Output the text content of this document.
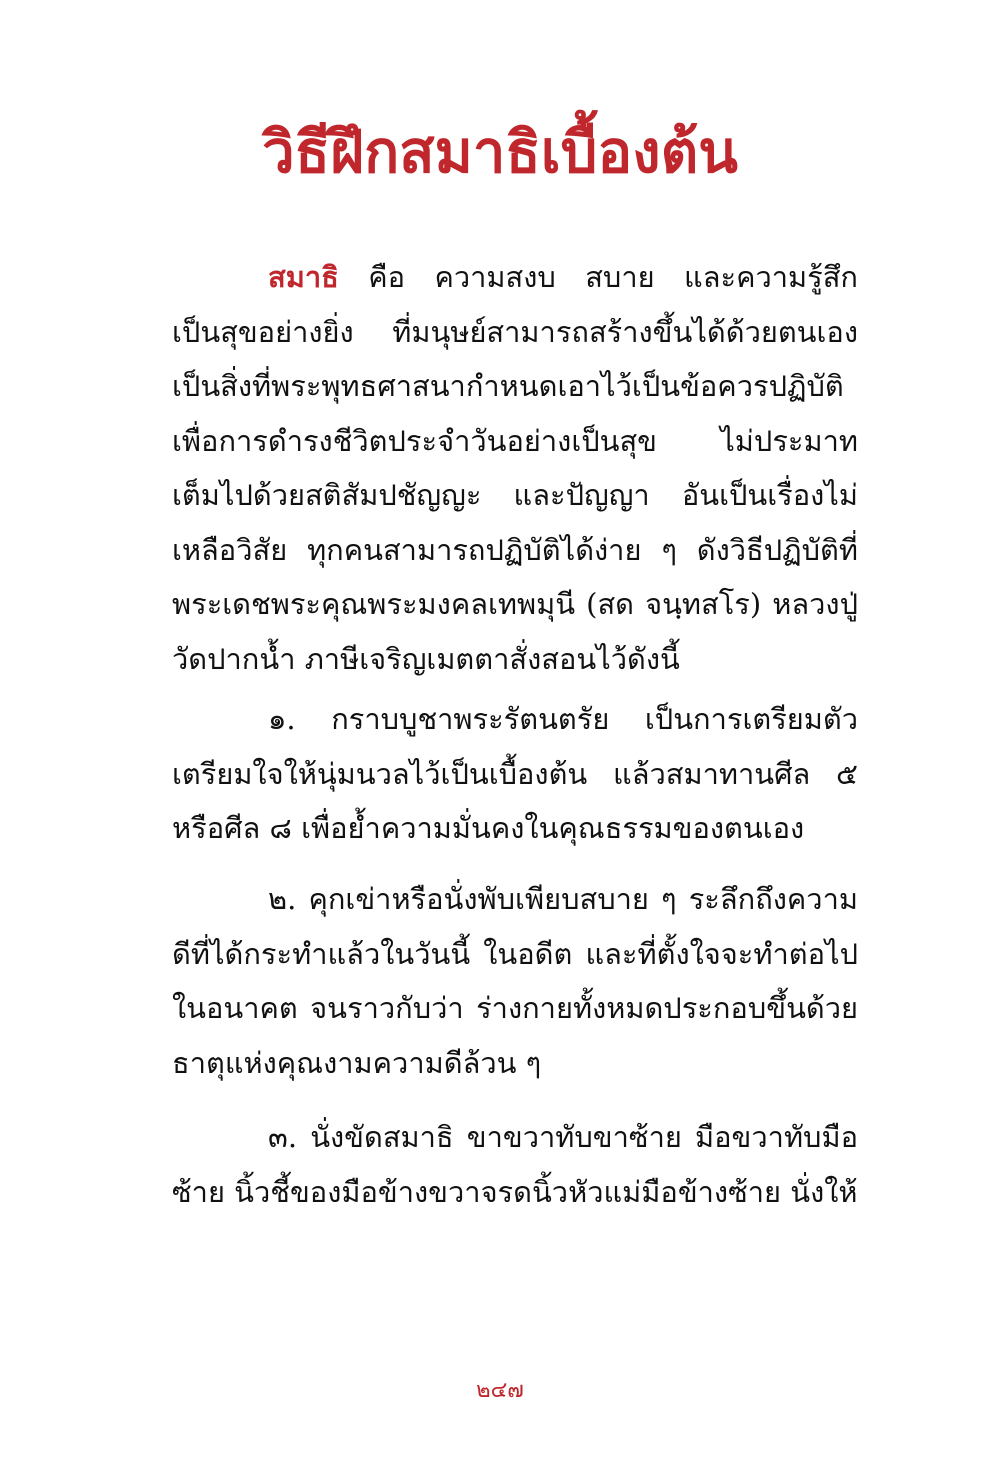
วิธีฝึกสมาธิเบื้องต้น

สมาธิ คือ ความสงบ สบาย และความรู้สึกเป็นสุขอย่างยิ่ง ที่มนุษย์สามารถสร้างขึ้นได้ด้วยตนเอง เป็นสิ่งที่พระพุทธศาสนากำหนดเอาไว้เป็นข้อควรปฏิบัติ เพื่อการดำรงชีวิตประจำวันอย่างเป็นสุข ไม่ประมาท เต็มไปด้วยสติสัมปชัญญะ และปัญญา อันเป็นเรื่องไม่เหลือวิสัย ทุกคนสามารถปฏิบัติได้ง่าย ๆ ดังวิธีปฏิบัติที่พระเดชพระคุณพระมงคลเทพมุนี (สด จนฺทสโร) หลวงปู่วัดปากน้ำ ภาษีเจริญเมตตาสั่งสอนไว้ดังนี้

๑. กราบบูชาพระรัตนตรัย เป็นการเตรียมตัวเตรียมใจให้นุ่มนวลไว้เป็นเบื้องต้น แล้วสมาทานศีล ๕ หรือศีล ๘ เพื่อย้ำความมั่นคงในคุณธรรมของตนเอง

๒. คุกเข่าหรือนั่งพับเพียบสบาย ๆ ระลึกถึงความดีที่ได้กระทำแล้วในวันนี้ ในอดีต และที่ตั้งใจจะทำต่อไปในอนาคต จนราวกับว่า ร่างกายทั้งหมดประกอบขึ้นด้วยธาตุแห่งคุณงามความดีล้วน ๆ

๓. นั่งขัดสมาธิ ขาขวาทับขาซ้าย มือขวาทับมือซ้าย นิ้วชี้ของมือข้างขวาจรดนิ้วหัวแม่มือข้างซ้าย นั่งให้

๒๔๗
